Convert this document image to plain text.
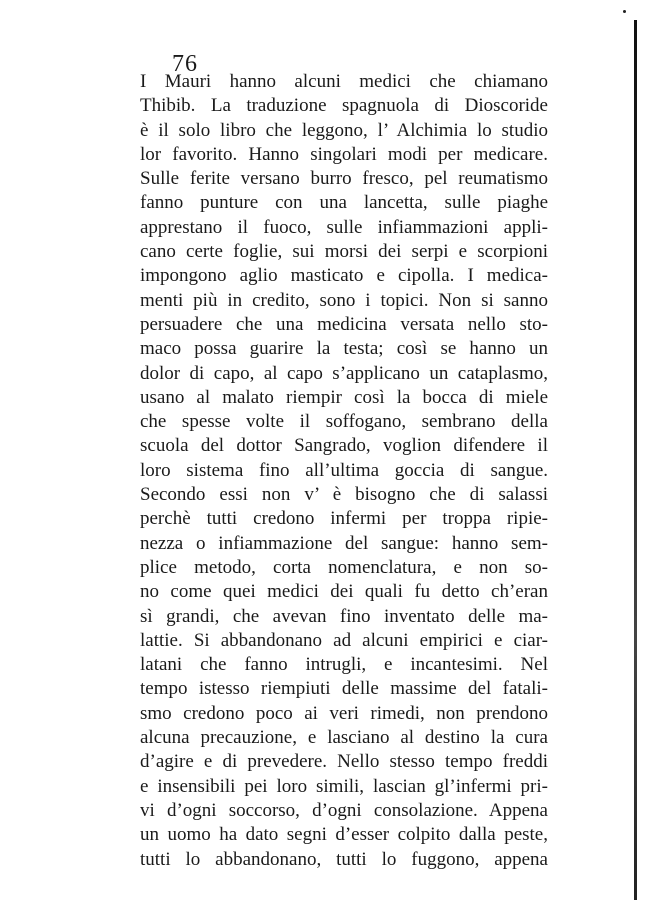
76
I Mauri hanno alcuni medici che chiamano
Thibib. La traduzione spagnuola di Dioscoride
è il solo libro che leggono, l’ Alchimia lo studio
lor favorito. Hanno singolari modi per medicare.
Sulle ferite versano burro fresco, pel reumatismo
fanno punture con una lancetta, sulle piaghe
apprestano il fuoco, sulle infiammazioni appli-
cano certe foglie, sui morsi dei serpi e scorpioni
impongono aglio masticato e cipolla. I medica-
menti più in credito, sono i topici. Non si sanno
persuadere che una medicina versata nello sto-
maco possa guarire la testa; così se hanno un
dolor di capo, al capo s’applicano un cataplasmo,
usano al malato riempir così la bocca di miele
che spesse volte il soffogano, sembrano della
scuola del dottor Sangrado, voglion difendere il
loro sistema fino all’ultima goccia di sangue.
Secondo essi non v’ è bisogno che di salassi
perchè tutti credono infermi per troppa ripie-
nezza o infiammazione del sangue: hanno sem-
plice metodo, corta nomenclatura, e non so-
no come quei medici dei quali fu detto ch’eran
sì grandi, che avevan fino inventato delle ma-
lattie. Si abbandonano ad alcuni empirici e ciar-
latani che fanno intrugli, e incantesimi. Nel
tempo istesso riempiuti delle massime del fatali-
smo credono poco ai veri rimedi, non prendono
alcuna precauzione, e lasciano al destino la cura
d’agire e di prevedere. Nello stesso tempo freddi
e insensibili pei loro simili, lascian gl’infermi pri-
vi d’ogni soccorso, d’ogni consolazione. Appena
un uomo ha dato segni d’esser colpito dalla peste,
tutti lo abbandonano, tutti lo fuggono, appena
